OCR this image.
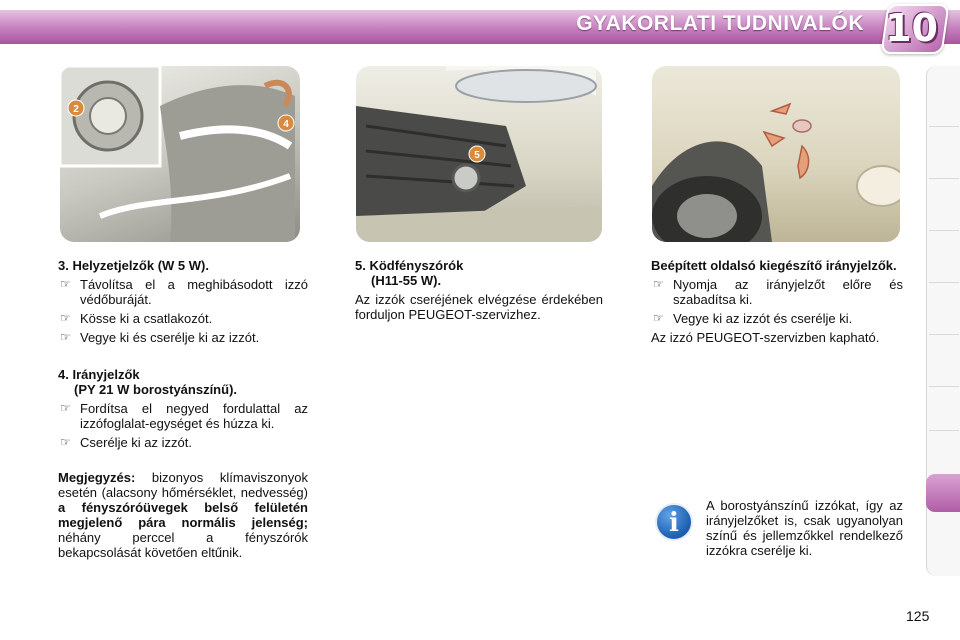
GYAKORLATI TUDNIVALÓK 10
2
4
5
3. Helyzetjelzők (W 5 W).
☞ Távolítsa el a meghibásodott izzó védőburáját.
☞ Kösse ki a csatlakozót.
☞ Vegye ki és cserélje ki az izzót.
4. Irányjelzők
(PY 21 W borostyánszínű).
☞ Fordítsa el negyed fordulattal az izzófoglalat-egységet és húzza ki.
☞ Cserélje ki az izzót.
Megjegyzés: bizonyos klímaviszonyok esetén (alacsony hőmérséklet, nedvesség) a fényszóróüvegek belső felületén megjelenő pára normális jelenség; néhány perccel a fényszórók bekapcsolását követően eltűnik.
5. Ködfényszórók
(H11-55 W).
Az izzók cseréjének elvégzése érdekében forduljon PEUGEOT-szervizhez.
Beépített oldalsó kiegészítő irányjelzők.
☞ Nyomja az irányjelzőt előre és szabadítsa ki.
☞ Vegye ki az izzót és cserélje ki.
Az izzó PEUGEOT-szervizben kapható.
i
A borostyánszínű izzókat, így az irányjelzőket is, csak ugyanolyan színű és jellemzőkkel rendelkező izzókra cserélje ki.
125
